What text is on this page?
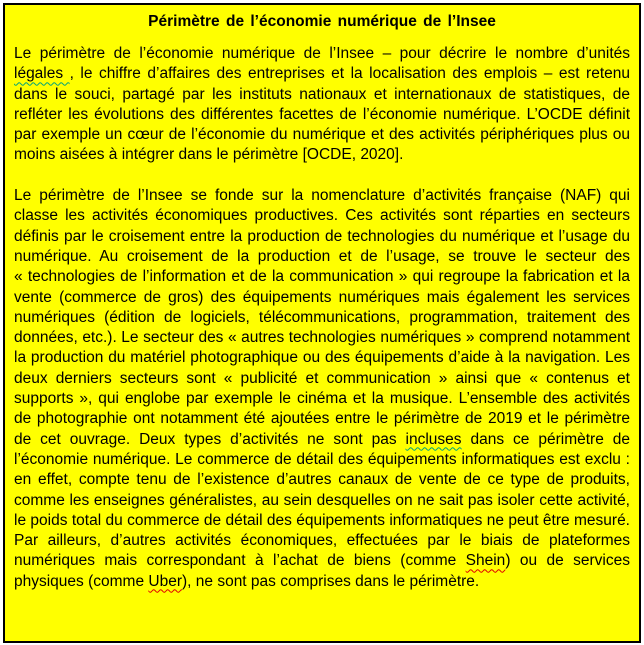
Périmètre de l’économie numérique de l’Insee

Le périmètre de l’économie numérique de l’Insee – pour décrire le nombre d’unités légales , le chiffre d’affaires des entreprises et la localisation des emplois – est retenu dans le souci, partagé par les instituts nationaux et internationaux de statistiques, de refléter les évolutions des différentes facettes de l’économie numérique. L’OCDE définit par exemple un cœur de l’économie du numérique et des activités périphériques plus ou moins aisées à intégrer dans le périmètre [OCDE, 2020].

Le périmètre de l’Insee se fonde sur la nomenclature d’activités française (NAF) qui classe les activités économiques productives. Ces activités sont réparties en secteurs définis par le croisement entre la production de technologies du numérique et l’usage du numérique. Au croisement de la production et de l’usage, se trouve le secteur des « technologies de l’information et de la communication » qui regroupe la fabrication et la vente (commerce de gros) des équipements numériques mais également les services numériques (édition de logiciels, télécommunications, programmation, traitement des données, etc.). Le secteur des « autres technologies numériques » comprend notamment la production du matériel photographique ou des équipements d’aide à la navigation. Les deux derniers secteurs sont « publicité et communication » ainsi que « contenus et supports », qui englobe par exemple le cinéma et la musique. L’ensemble des activités de photographie ont notamment été ajoutées entre le périmètre de 2019 et le périmètre de cet ouvrage. Deux types d’activités ne sont pas incluses dans ce périmètre de l’économie numérique. Le commerce de détail des équipements informatiques est exclu : en effet, compte tenu de l’existence d’autres canaux de vente de ce type de produits, comme les enseignes généralistes, au sein desquelles on ne sait pas isoler cette activité, le poids total du commerce de détail des équipements informatiques ne peut être mesuré. Par ailleurs, d’autres activités économiques, effectuées par le biais de plateformes numériques mais correspondant à l’achat de biens (comme Shein) ou de services physiques (comme Uber), ne sont pas comprises dans le périmètre.
